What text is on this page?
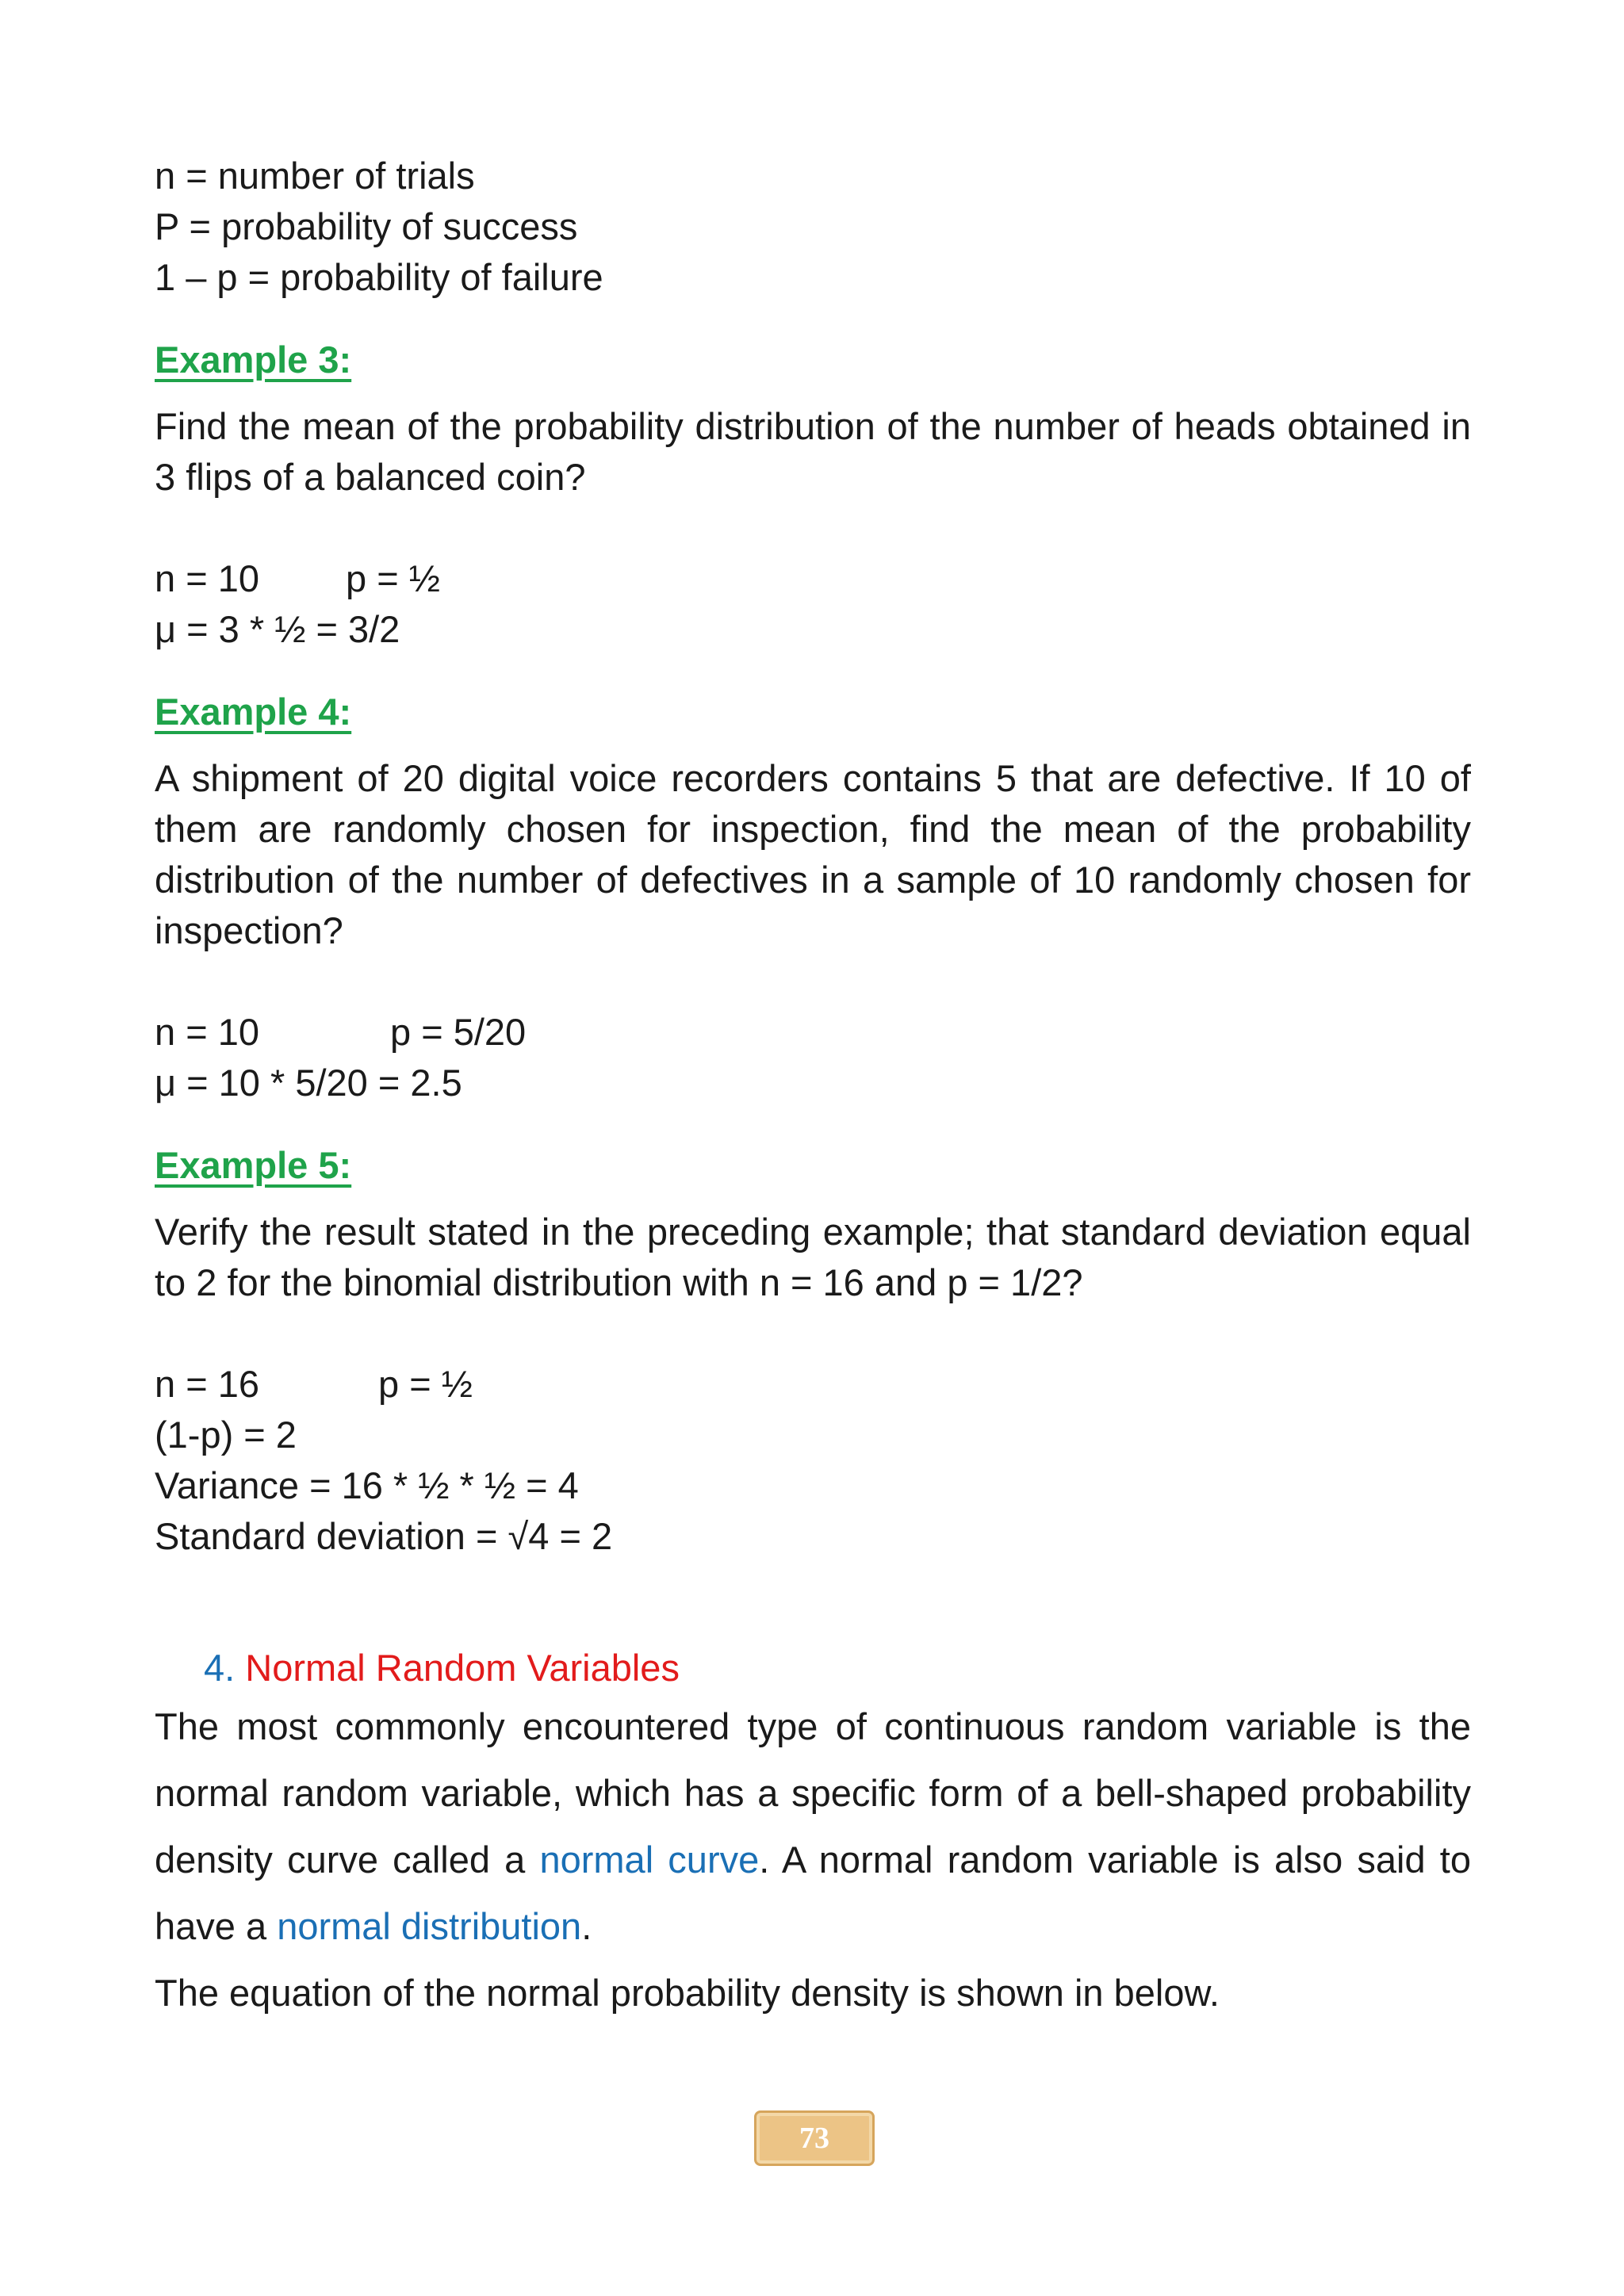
n = number of trials

P = probability of success

1 – p = probability of failure

Example 3:

Find the mean of the probability distribution of the number of heads obtained in 3 flips of a balanced coin?

n = 10 p = ½

μ = 3 * ½ = 3/2

Example 4:

A shipment of 20 digital voice recorders contains 5 that are defective. If 10 of them are randomly chosen for inspection, find the mean of the probability distribution of the number of defectives in a sample of 10 randomly chosen for inspection?

n = 10	p = 5/20

μ = 10 * 5/20 = 2.5

Example 5:

Verify the result stated in the preceding example; that standard deviation equal to 2 for the binomial distribution with n = 16 and p = 1/2?

n = 16	p = ½

(1-p) = 2

Variance = 16 * ½ * ½ = 4

Standard deviation = √4 = 2

4. Normal Random Variables

The most commonly encountered type of continuous random variable is the normal random variable, which has a specific form of a bell-shaped probability density curve called a normal curve. A normal random variable is also said to have a normal distribution.

The equation of the normal probability density is shown in below.

73
